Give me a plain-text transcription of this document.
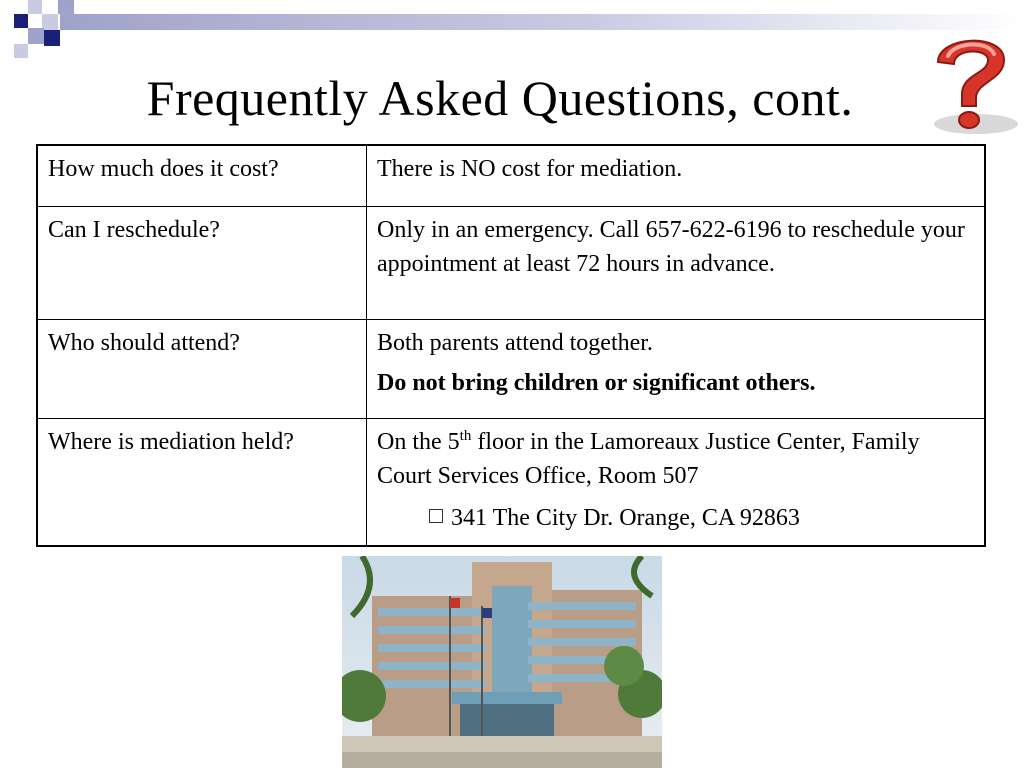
Frequently Asked Questions, cont.
How much does it cost?	There is NO cost for mediation.
Can I reschedule?	Only in an emergency. Call 657-622-6196 to reschedule your appointment at least 72 hours in advance.
Who should attend?	Both parents attend together.
Do not bring children or significant others.

Where is mediation held?	On the 5th floor in the Lamoreaux Justice Center, Family Court Services Office, Room 507
341 The City Dr. Orange, CA 92863
